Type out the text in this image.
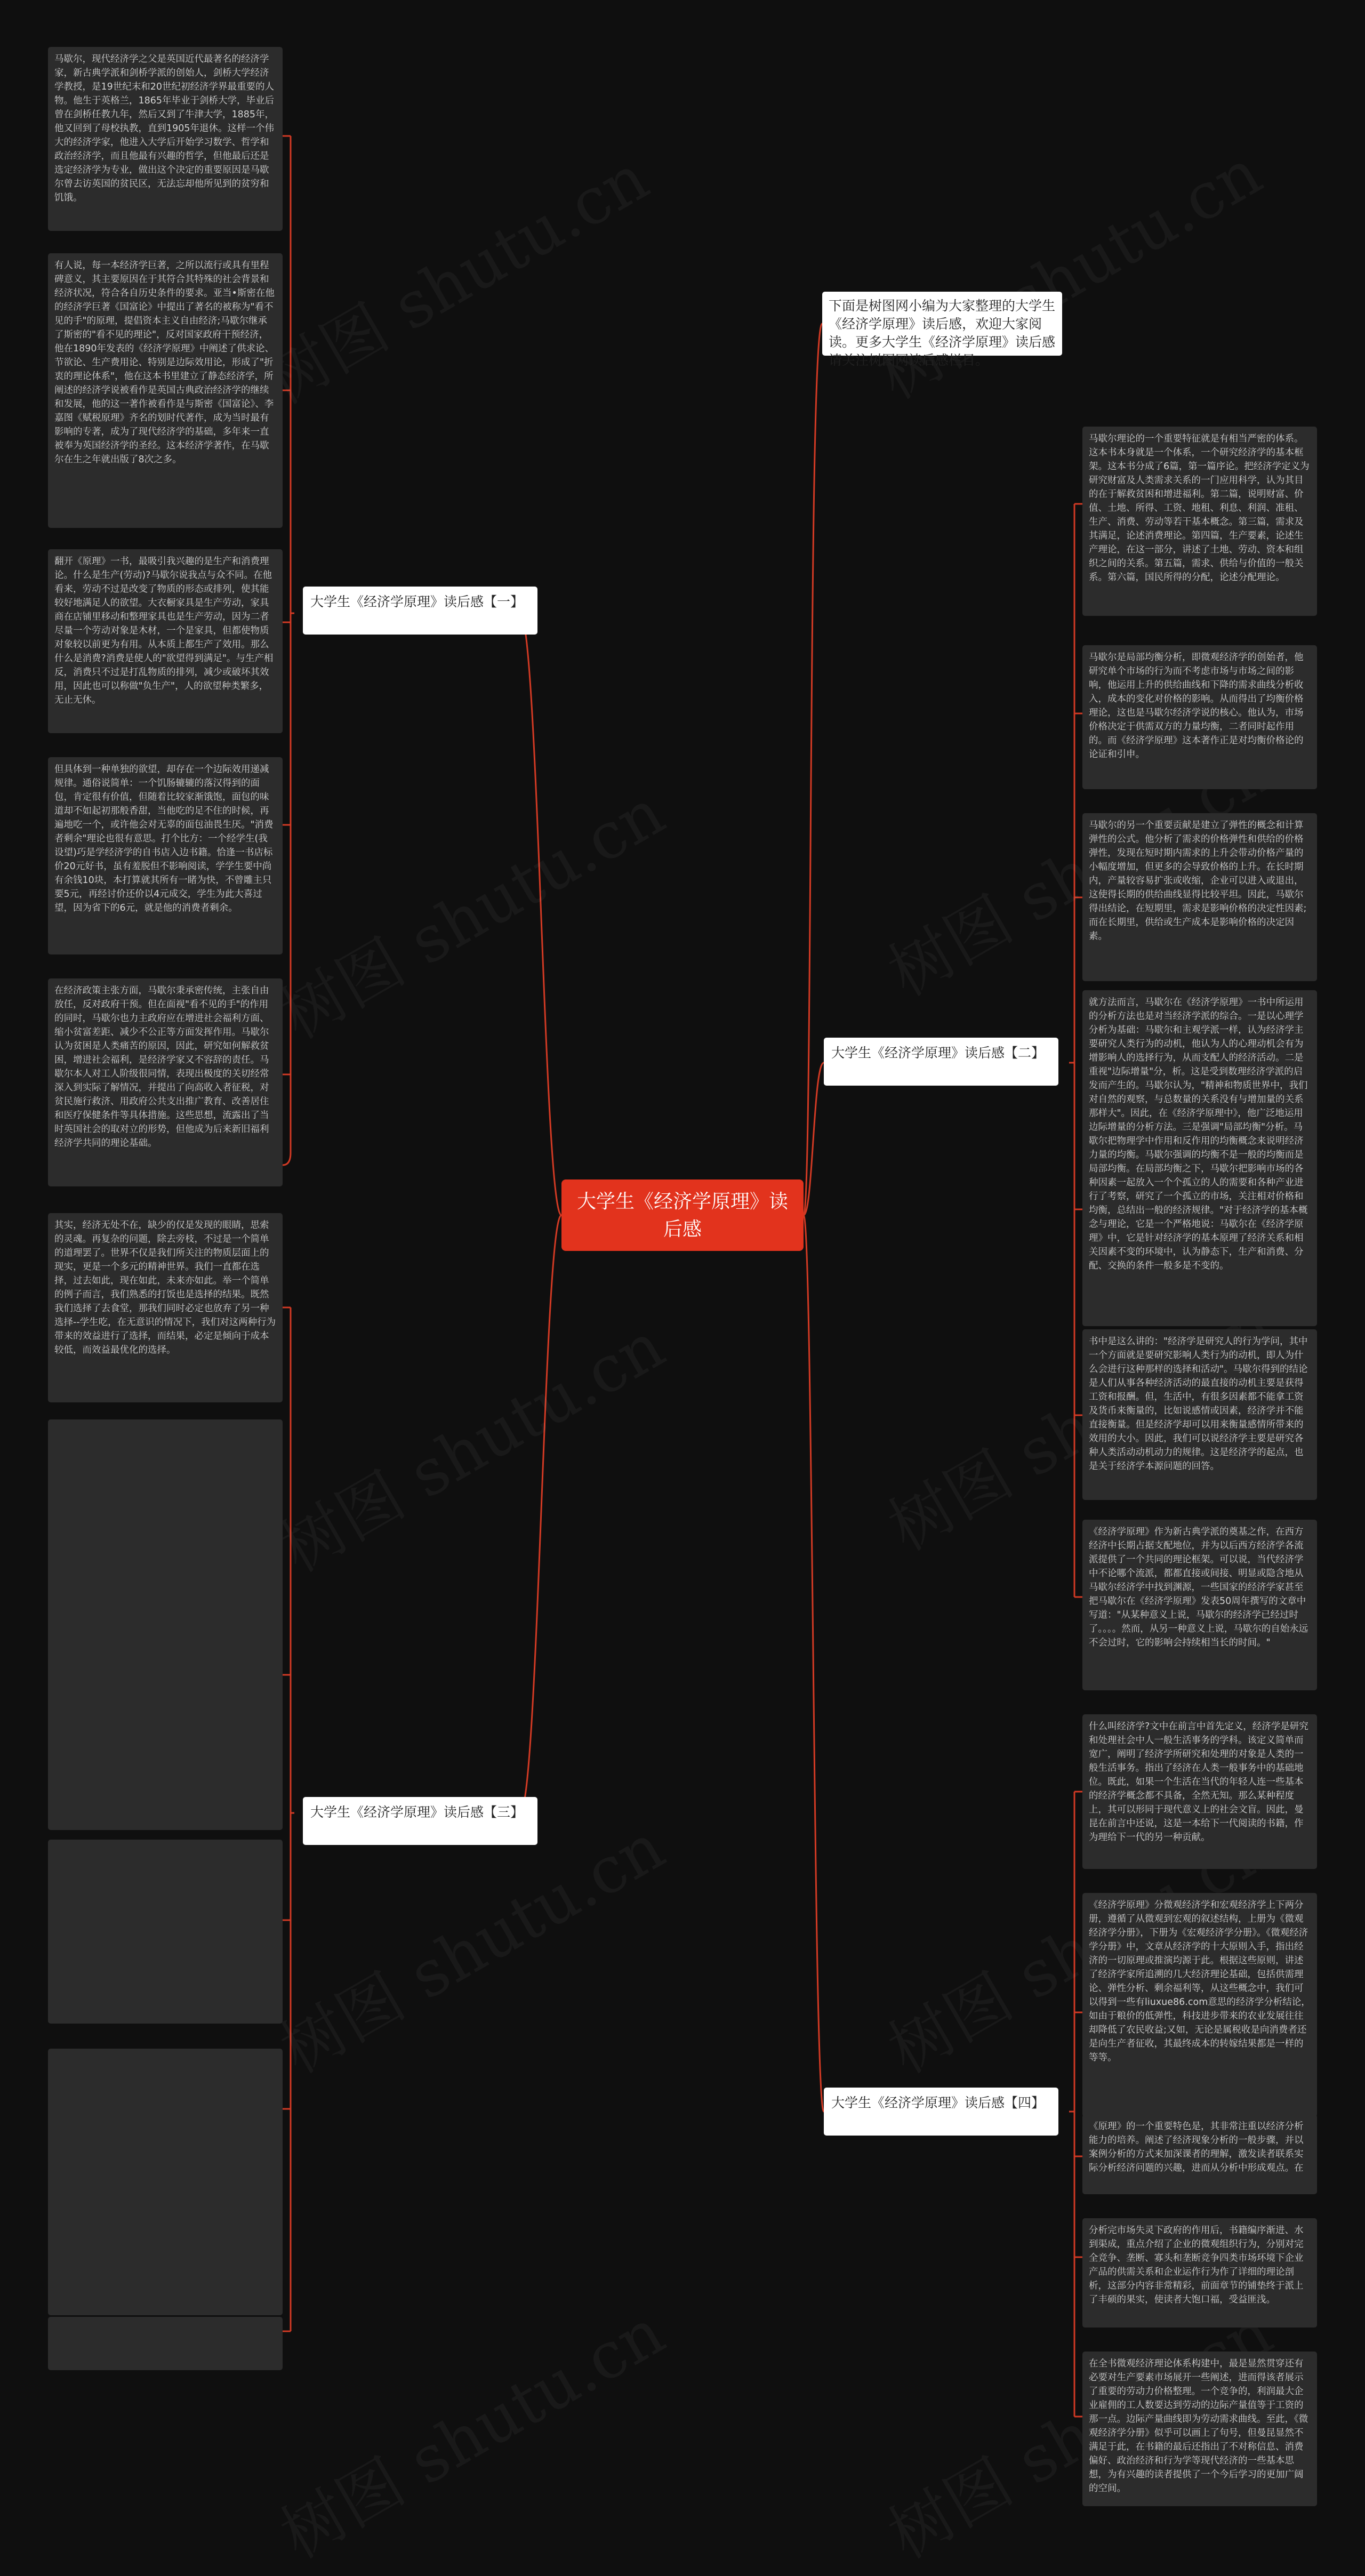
大学生《经济学原理》读后感
下面是树图网小编为大家整理的大学生《经济学原理》读后感，欢迎大家阅读。更多大学生《经济学原理》读后感请关注树图网读后感栏目。
大学生《经济学原理》读后感【一】
大学生《经济学原理》读后感【二】
大学生《经济学原理》读后感【三】
大学生《经济学原理》读后感【四】
马歇尔，现代经济学之父是英国近代最著名的经济学家，新古典学派和剑桥学派的创始人，剑桥大学经济学教授，是19世纪末和20世纪初经济学界最重要的人物。他生于英格兰，1865年毕业于剑桥大学，毕业后曾在剑桥任教九年，然后又到了牛津大学，1885年，他又回到了母校执教，直到1905年退休。这样一个伟大的经济学家，他进入大学后开始学习数学、哲学和政治经济学，而且他最有兴趣的哲学，但他最后还是选定经济学为专业，做出这个决定的重要原因是马歇尔曾去访英国的贫民区，无法忘却他所见到的贫穷和饥饿。
有人说，每一本经济学巨著，之所以流行或具有里程碑意义，其主要原因在于其符合其特殊的社会背景和经济状况，符合各自历史条件的要求。亚当•斯密在他的经济学巨著《国富论》中提出了著名的被称为"看不见的手"的原理，提倡资本主义自由经济;马歇尔继承了斯密的"看不见的理论"，反对国家政府干预经济，他在1890年发表的《经济学原理》中阐述了供求论、节欲论、生产费用论、特别是边际效用论，形成了"折衷的理论体系"，他在这本书里建立了静态经济学，所阐述的经济学说被看作是英国古典政治经济学的继续和发展，他的这一著作被看作是与斯密《国富论》、李嘉图《赋税原理》齐名的划时代著作，成为当时最有影响的专著，成为了现代经济学的基础，多年来一直被奉为英国经济学的圣经。这本经济学著作，在马歇尔在生之年就出版了8次之多。
翻开《原理》一书，最吸引我兴趣的是生产和消费理论。什么是生产(劳动)?马歇尔说我点与众不同。在他看来，劳动不过是改变了物质的形态或排列，使其能较好地满足人的欲望。大衣橱家具是生产劳动，家具商在店铺里移动和整理家具也是生产劳动，因为二者尽量一个劳动对象是木材，一个是家具，但都使物质对象较以前更为有用。从本质上都生产了效用。那么什么是消费?消费是使人的"欲望得到满足"。与生产相反，消费只不过是打乱物质的排列，减少或破坏其效用，因此也可以称做"负生产"，人的欲望种类繁多，无止无休。
但具体到一种单独的欲望，却存在一个边际效用递减规律。通俗说简单：一个饥肠辘辘的落汉得到的面包，肯定很有价值，但随着比较家渐饿饱，面包的味道却不如起初那般香甜，当他吃的足不住的时候，再遍地吃一个，或许他会对无辜的面包油畏生厌。"消费者剩余"理论也很有意思。打个比方：一个经学生(我设望)巧是学经济学的自书店入边书籍。恰逢一书店标价20元好书，虽有羞脱但不影响阅读，学学生要中尚有余钱10块，本打算就其所有一睹为快，不曾雕主只要5元，再经讨价还价以4元成交，学生为此大喜过望，因为省下的6元，就是他的消费者剩余。
在经济政策主张方面，马歇尔秉承密传统，主张自由放任，反对政府干预。但在面视"看不见的手"的作用的同时，马歇尔也力主政府应在增进社会福利方面、缩小贫富差距、减少不公正等方面发挥作用。马歇尔认为贫困是人类痛苦的原因，因此，研究如何解救贫困，增进社会福利，是经济学家又不容辞的责任。马歇尔本人对工人阶级很同情，表现出极度的关切经常深入到实际了解情况，并提出了向高收入者征税，对贫民施行救济、用政府公共支出推广教育、改善居住和医疗保健条件等具体措施。这些思想，流露出了当时英国社会的取对立的形势，但他成为后来新旧福利经济学共同的理论基础。
其实，经济无处不在，缺少的仅是发现的眼睛，思索的灵魂。再复杂的问题，除去旁枝，不过是一个简单的道理罢了。世界不仅是我们所关注的物质层面上的现实，更是一个多元的精神世界。我们一直都在选择，过去如此，现在如此，未来亦如此。举一个简单的例子而言，我们熟悉的打饭也是选择的结果。既然我们选择了去食堂，那我们同时必定也放弃了另一种选择--学生吃，在无意识的情况下，我们对这两种行为带来的效益进行了选择，而结果，必定是倾向于成本较低，而效益最优化的选择。
马歇尔理论的一个重要特征就是有相当严密的体系。这本书本身就是一个体系，一个研究经济学的基本框架。这本书分成了6篇，第一篇序论。把经济学定义为研究财富及人类需求关系的一门应用科学，认为其目的在于解救贫困和增进福利。第二篇，说明财富、价值、土地、所得、工资、地租、利息、利润、准租、生产、消费、劳动等若干基本概念。第三篇，需求及其满足，论述消费理论。第四篇，生产要素，论述生产理论，在这一部分，讲述了土地、劳动、资本和组织之间的关系。第五篇，需求、供给与价值的一般关系。第六篇，国民所得的分配，论述分配理论。
马歇尔是局部均衡分析，即微观经济学的创始者，他研究单个市场的行为而不考虑市场与市场之间的影响，他运用上升的供给曲线和下降的需求曲线分析收入，成本的变化对价格的影响。从而得出了均衡价格理论，这也是马歇尔经济学说的核心。他认为，市场价格决定于供需双方的力量均衡，二者同时起作用的。而《经济学原理》这本著作正是对均衡价格论的论证和引申。
马歇尔的另一个重要贡献是建立了弹性的概念和计算弹性的公式。他分析了需求的价格弹性和供给的价格弹性，发现在短时期内需求的上升会带动价格产量的小幅度增加，但更多的会导致价格的上升。在长时期内，产量较容易扩张或收缩，企业可以进入或退出，这使得长期的供给曲线显得比较平坦。因此，马歇尔得出结论，在短期里，需求是影响价格的决定性因素;而在长期里，供给或生产成本是影响价格的决定因素。
就方法而言，马歇尔在《经济学原理》一书中所运用的分析方法也是对当经济学派的综合。一是以心理学分析为基础：马歇尔和主观学派一样，认为经济学主要研究人类行为的动机，他认为人的心理动机会有为增影响人的选择行为，从而支配人的经济活动。二是重视"边际增量"分，析。这是受到数理经济学派的启发而产生的。马歇尔认为，"精神和物质世界中，我们对自然的观察，与总数量的关系没有与增加量的关系那样大"。因此，在《经济学原理中》，他广泛地运用边际增量的分析方法。三是强调"局部均衡"分析。马歇尔把物理学中作用和反作用的均衡概念来说明经济力量的均衡。马歇尔强调的均衡不是一般的均衡而是局部均衡。在局部均衡之下，马歇尔把影响市场的各种因素一起放入一个个孤立的人的需要和各种产业进行了考察，研究了一个孤立的市场，关注相对价格和均衡，总结出一般的经济规律。"对于经济学的基本概念与理论，它是一个严格地说：马歇尔在《经济学原理》中，它是针对经济学的基本原理了经济关系和相关因素不变的环境中，认为静态下，生产和消费、分配、交换的条件一般多是不变的。
书中是这么讲的："经济学是研究人的行为学问，其中一个方面就是要研究影响人类行为的动机，即人为什么会进行这种那样的选择和活动"。马歇尔得到的结论是人们从事各种经济活动的最直接的动机主要是获得工资和报酬。但，生活中，有很多因素都不能拿工资及货币来衡量的，比如说感情或因素，经济学并不能直接衡量。但是经济学却可以用来衡量感情所带来的效用的大小。因此，我们可以说经济学主要是研究各种人类活动动机动力的规律。这是经济学的起点，也是关于经济学本源问题的回答。
《经济学原理》作为新古典学派的奠基之作，在西方经济中长期占据支配地位，并为以后西方经济学各流派提供了一个共同的理论框架。可以说，当代经济学中不论哪个流派，都都直接或间接、明显或隐含地从马歇尔经济学中找到渊源，一些国家的经济学家甚至把马歇尔在《经济学原理》发表50周年撰写的文章中写道："从某种意义上说，马歇尔的经济学已经过时了。。。。然而，从另一种意义上说，马歇尔的自始永远不会过时，它的影响会持续相当长的时间。"
什么叫经济学?文中在前言中首先定义，经济学是研究和处理社会中人一般生活事务的学科。该定义简单而宽广，阐明了经济学所研究和处理的对象是人类的一般生活事务。指出了经济在人类一般事务中的基础地位。既此，如果一个生活在当代的年轻人连一些基本的经济学概念都不具备，全然无知。那么某种程度上，其可以形同于现代意义上的社会文盲。因此，曼昆在前言中还说，这是一本给下一代阅读的书籍，作为理给下一代的另一种贡献。
《经济学原理》分微观经济学和宏观经济学上下两分册，遵循了从微观到宏观的叙述结构，上册为《微观经济学分册》，下册为《宏观经济学分册》。《微观经济学分册》中，文章从经济学的十大原则入手，指出经济的一切原理或推演均源于此。根据这些原则，讲述了经济学家所追溯的几大经济理论基础，包括供需理论、弹性分析、剩余福利等，从这些概念中，我们可以得到一些有liuxue86.com意思的经济学分析结论，如由于粮价的低弹性，科技进步带来的农业发展往往却降低了农民收益;又如，无论是属税收是向消费者还是向生产者征收，其最终成本的转嫁结果都是一样的等等。
《原理》的一个重要特色是，其非常注重以经济分析能力的培养。阐述了经济现象分析的一般步骤，并以案例分析的方式来加深课者的理解，激发读者联系实际分析经济问题的兴趣，进而从分析中形成观点。在
分析完市场失灵下政府的作用后，书籍编序渐进、水到渠成，重点介绍了企业的微观组织行为，分别对完全竞争、垄断、寡头和垄断竞争四类市场环境下企业产品的供需关系和企业运作行为作了详细的理论剖析，这部分内容非常精彩，前面章节的铺垫终于派上了丰硕的果实，使读者大饱口福，受益匪浅。
在全书微观经济理论体系构建中，最是显然贯穿还有必要对生产要素市场展开一些阐述，进而得该者展示了重要的劳动力价格整理。一个竞争的，利润最大企业雇佣的工人数要达到劳动的边际产量值等于工资的那一点。边际产量曲线即为劳动需求曲线。至此，《微观经济学分册》似乎可以画上了句号，但曼昆显然不满足于此，在书籍的最后还指出了不对称信息、消费偏好、政治经济和行为学等现代经济的一些基本思想，为有兴趣的读者提供了一个今后学习的更加广阔的空间。
